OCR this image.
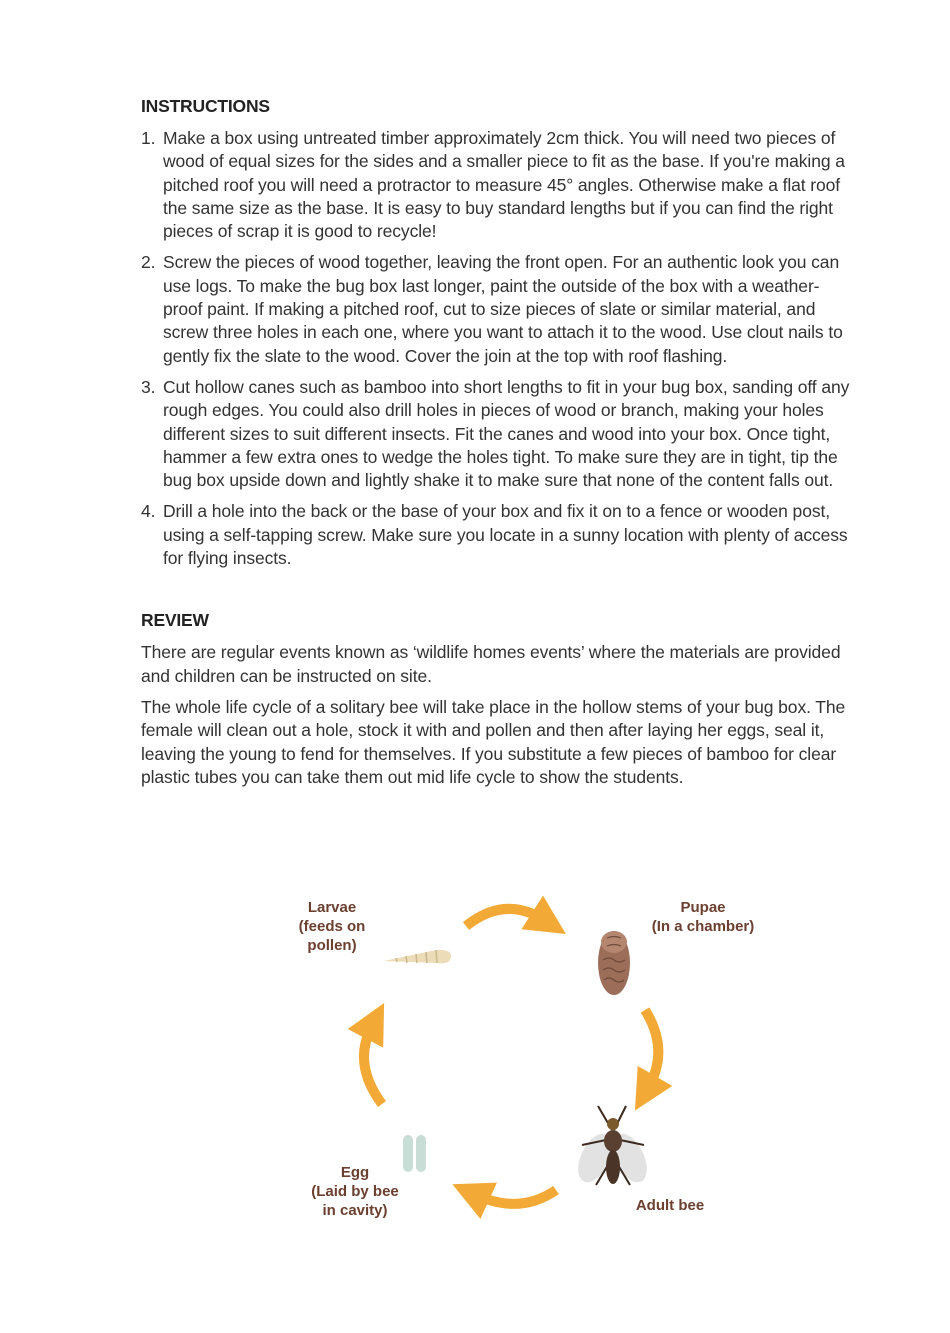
INSTRUCTIONS
1. Make a box using untreated timber approximately 2cm thick. You will need two pieces of wood of equal sizes for the sides and a smaller piece to fit as the base. If you're making a pitched roof you will need a protractor to measure 45° angles. Otherwise make a flat roof the same size as the base. It is easy to buy standard lengths but if you can find the right pieces of scrap it is good to recycle!
2. Screw the pieces of wood together, leaving the front open. For an authentic look you can use logs. To make the bug box last longer, paint the outside of the box with a weather-proof paint. If making a pitched roof, cut to size pieces of slate or similar material, and screw three holes in each one, where you want to attach it to the wood. Use clout nails to gently fix the slate to the wood. Cover the join at the top with roof flashing.
3. Cut hollow canes such as bamboo into short lengths to fit in your bug box, sanding off any rough edges. You could also drill holes in pieces of wood or branch, making your holes different sizes to suit different insects. Fit the canes and wood into your box. Once tight, hammer a few extra ones to wedge the holes tight. To make sure they are in tight, tip the bug box upside down and lightly shake it to make sure that none of the content falls out.
4. Drill a hole into the back or the base of your box and fix it on to a fence or wooden post, using a self-tapping screw. Make sure you locate in a sunny location with plenty of access for flying insects.
REVIEW

There are regular events known as ‘wildlife homes events’ where the materials are provided and children can be instructed on site.

The whole life cycle of a solitary bee will take place in the hollow stems of your bug box. The female will clean out a hole, stock it with and pollen and then after laying her eggs, seal it, leaving the young to fend for themselves. If you substitute a few pieces of bamboo for clear plastic tubes you can take them out mid life cycle to show the students.

Larvae
(feeds on
pollen)
Pupae
(In a chamber)
Adult bee
Egg
(Laid by bee
in cavity)
